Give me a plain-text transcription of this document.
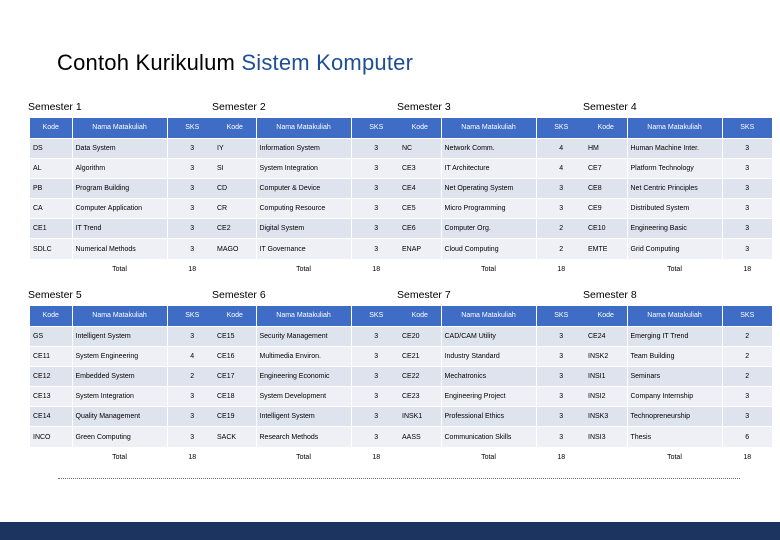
Contoh Kurikulum Sistem Komputer
Semester 1
Kode	Nama Matakuliah	SKS
DS	Data System	3
AL	Algorithm	3
PB	Program Building	3
CA	Computer Application	3
CE1	IT Trend	3
SDLC	Numerical Methods	3
	Total	18
Semester 2
Kode	Nama Matakuliah	SKS
IY	Information System	3
SI	System Integration	3
CD	Computer & Device	3
CR	Computing Resource	3
CE2	Digital System	3
MAGO	IT Governance	3
	Total	18
Semester 3
Kode	Nama Matakuliah	SKS
NC	Network Comm.	4
CE3	IT Architecture	4
CE4	Net Operating System	3
CE5	Micro Programming	3
CE6	Computer Org.	2
ENAP	Cloud Computing	2
	Total	18
Semester 4
Kode	Nama Matakuliah	SKS
HM	Human Machine Inter.	3
CE7	Platform Technology	3
CE8	Net Centric Principles	3
CE9	Distributed System	3
CE10	Engineering Basic	3
EMTE	Grid Computing	3
	Total	18
Semester 5
Kode	Nama Matakuliah	SKS
GS	Intelligent System	3
CE11	System Engineering	4
CE12	Embedded System	2
CE13	System Integration	3
CE14	Quality Management	3
INCO	Green Computing	3
	Total	18
Semester 6
Kode	Nama Matakuliah	SKS
CE15	Security Management	3
CE16	Multimedia Environ.	3
CE17	Engineering Economic	3
CE18	System Development	3
CE19	Intelligent System	3
SACK	Research Methods	3
	Total	18
Semester 7
Kode	Nama Matakuliah	SKS
CE20	CAD/CAM Utility	3
CE21	Industry Standard	3
CE22	Mechatronics	3
CE23	Engineering Project	3
INSK1	Professional Ethics	3
AASS	Communication Skills	3
	Total	18
Semester 8
Kode	Nama Matakuliah	SKS
CE24	Emerging IT Trend	2
INSK2	Team Building	2
INSI1	Seminars	2
INSI2	Company Internship	3
INSK3	Technopreneurship	3
INSI3	Thesis	6
	Total	18
